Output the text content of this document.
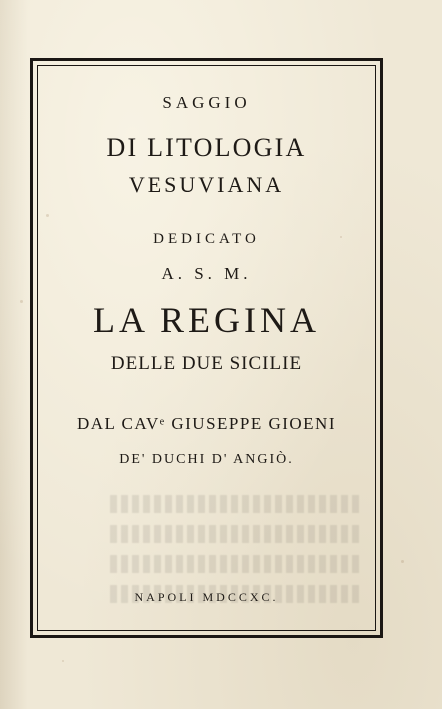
SAGGIO
DI LITOLOGIA
VESUVIANA
DEDICATO
A. S. M.
LA REGINA
DELLE DUE SICILIE
DAL CAVᵉ GIUSEPPE GIOENI
DE' DUCHI D' ANGIÒ.
NAPOLI MDCCXC.
